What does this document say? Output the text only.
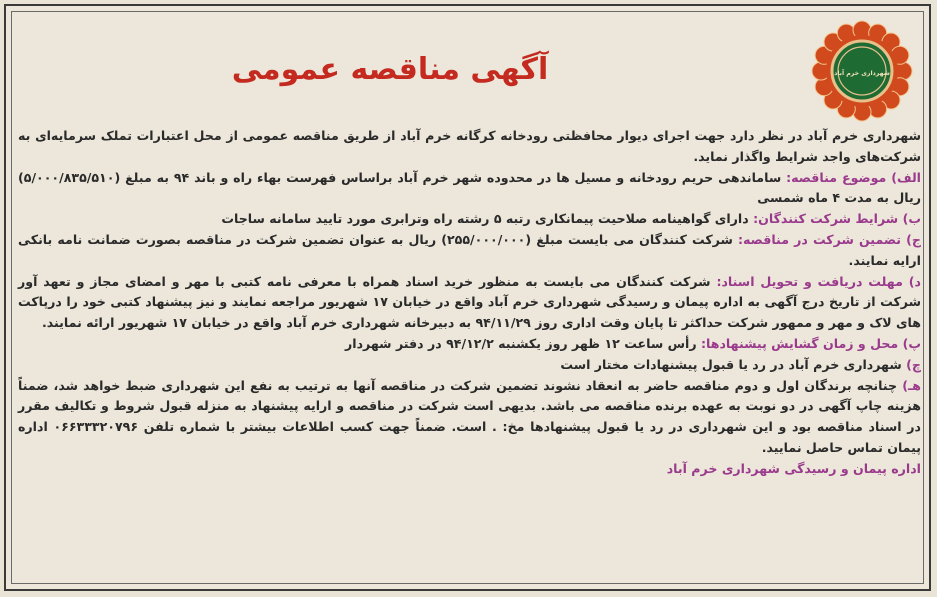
شهرداری خرم آباد
آگهی مناقصه عمومی

شهرداری خرم آباد در نظر دارد جهت اجرای دیوار محافظتی رودخانه کرگانه خرم آباد از طریق مناقصه عمومی از محل اعتبارات تملک سرمایه‌ای به شرکت‌های واجد شرایط واگذار نماید.

الف) موضوع مناقصه: ساماندهی حریم رودخانه و مسیل ها در محدوده شهر خرم آباد براساس فهرست بهاء راه و باند ۹۴ به مبلغ (۵/۰۰۰/۸۳۵/۵۱۰) ریال به مدت ۴ ماه شمسی

ب) شرایط شرکت کنندگان: دارای گواهینامه صلاحیت پیمانکاری رتبه ۵ رشته راه وترابری مورد تایید سامانه ساجات

ج) تضمین شرکت در مناقصه: شرکت کنندگان می بایست مبلغ (۲۵۵/۰۰۰/۰۰۰) ریال به عنوان تضمین شرکت در مناقصه بصورت ضمانت نامه بانکی ارایه نمایند.

د) مهلت دریافت و تحویل اسناد: شرکت کنندگان می بایست به منظور خرید اسناد همراه با معرفی نامه کتبی با مهر و امضای مجاز و تعهد آور شرکت از تاریخ درج آگهی به اداره پیمان و رسیدگی شهرداری خرم آباد واقع در خیابان ۱۷ شهریور مراجعه نمایند و نیز پیشنهاد کتبی خود را درپاکت های لاک و مهر و ممهور شرکت حداکثر تا پایان وقت اداری روز ۹۴/۱۱/۲۹ به دبیرخانه شهرداری خرم آباد واقع در خیابان ۱۷ شهریور ارائه نمایند.

پ) محل و زمان گشایش پیشنهادها: رأس ساعت ۱۲ ظهر روز یکشنبه ۹۴/۱۲/۲ در دفتر شهردار

چ) شهرداری خرم آباد در رد یا قبول پیشنهادات مختار است

هـ) چنانچه برندگان اول و دوم مناقصه حاضر به انعقاد نشوند تضمین شرکت در مناقصه آنها به ترتیب به نفع این شهرداری ضبط خواهد شد، ضمناً هزینه چاپ آگهی در دو نوبت به عهده برنده مناقصه می باشد. بدیهی است شرکت در مناقصه و ارایه پیشنهاد به منزله قبول شروط و تکالیف مقرر در اسناد مناقصه بود و این شهرداری در رد یا قبول پیشنهادها مخ: . است. ضمناً جهت کسب اطلاعات بیشتر با شماره تلفن ۰۶۶۳۳۳۲۰۷۹۶ اداره پیمان تماس حاصل نمایید.

اداره پیمان و رسیدگی شهرداری خرم آباد
